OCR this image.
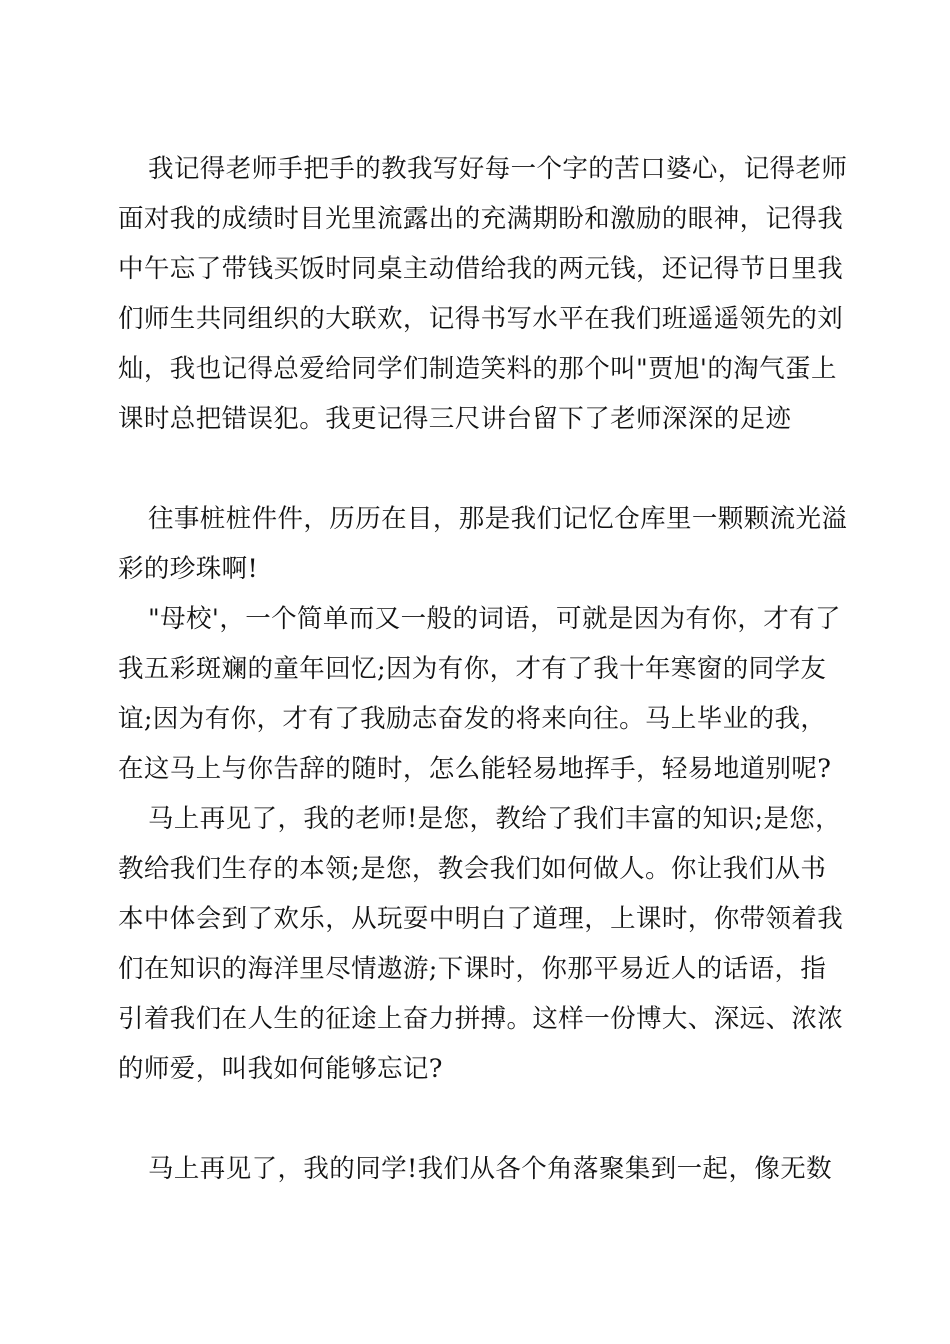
我记得老师手把手的教我写好每一个字的苦口婆心，记得老师
面对我的成绩时目光里流露出的充满期盼和激励的眼神，记得我
中午忘了带钱买饭时同桌主动借给我的两元钱，还记得节日里我
们师生共同组织的大联欢，记得书写水平在我们班遥遥领先的刘
灿，我也记得总爱给同学们制造笑料的那个叫"贾旭'的淘气蛋上
课时总把错误犯。我更记得三尺讲台留下了老师深深的足迹
往事桩桩件件，历历在目，那是我们记忆仓库里一颗颗流光溢
彩的珍珠啊!
"母校'，一个简单而又一般的词语，可就是因为有你，才有了
我五彩斑斓的童年回忆;因为有你，才有了我十年寒窗的同学友
谊;因为有你，才有了我励志奋发的将来向往。马上毕业的我，
在这马上与你告辞的随时，怎么能轻易地挥手，轻易地道别呢?
马上再见了，我的老师!是您，教给了我们丰富的知识;是您，
教给我们生存的本领;是您，教会我们如何做人。你让我们从书
本中体会到了欢乐，从玩耍中明白了道理，上课时，你带领着我
们在知识的海洋里尽情遨游;下课时，你那平易近人的话语，指
引着我们在人生的征途上奋力拼搏。这样一份博大、深远、浓浓
的师爱，叫我如何能够忘记?
马上再见了，我的同学!我们从各个角落聚集到一起，像无数
